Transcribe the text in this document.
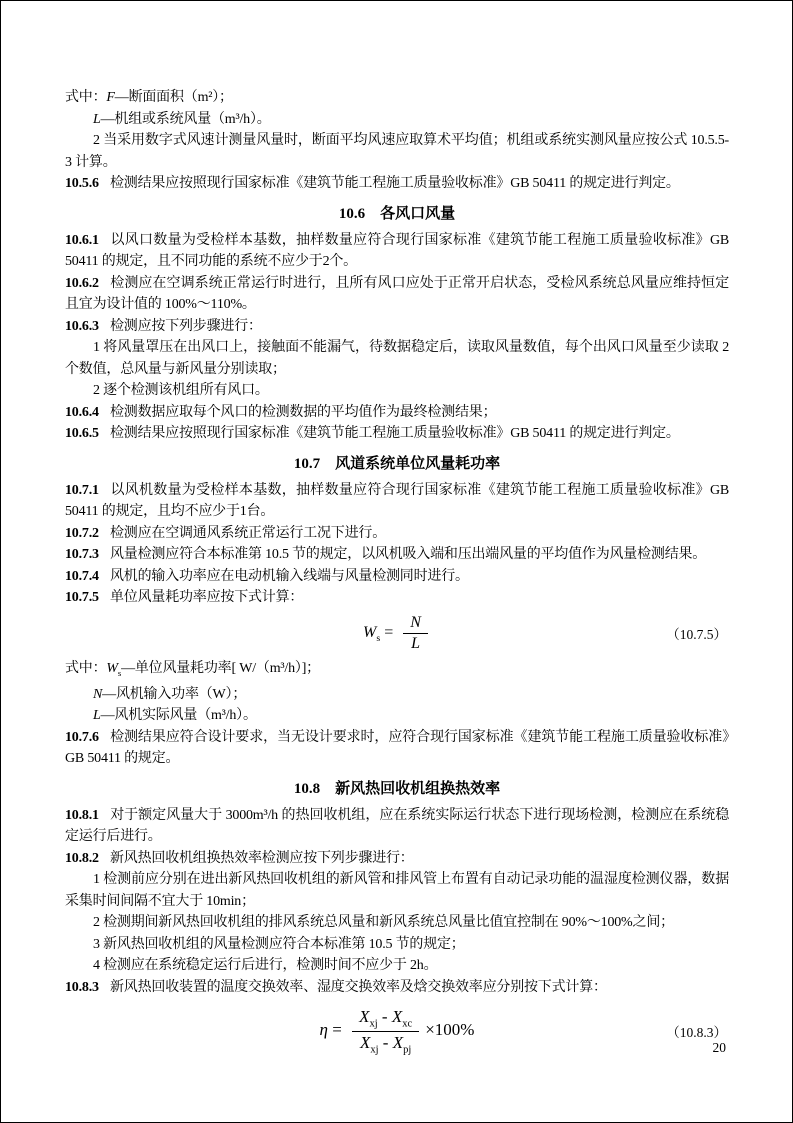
式中：F—断面面积（m²）；

L—机组或系统风量（m³/h）。

2 当采用数字式风速计测量风量时，断面平均风速应取算术平均值；机组或系统实测风量应按公式 10.5.5-3 计算。

10.5.6 检测结果应按照现行国家标准《建筑节能工程施工质量验收标准》GB 50411 的规定进行判定。

10.6　各风口风量

10.6.1 以风口数量为受检样本基数，抽样数量应符合现行国家标准《建筑节能工程施工质量验收标准》GB 50411 的规定，且不同功能的系统不应少于2个。

10.6.2 检测应在空调系统正常运行时进行，且所有风口应处于正常开启状态，受检风系统总风量应维持恒定且宜为设计值的 100%～110%。

10.6.3 检测应按下列步骤进行：

1 将风量罩压在出风口上，接触面不能漏气，待数据稳定后，读取风量数值，每个出风口风量至少读取 2 个数值，总风量与新风量分别读取；

2 逐个检测该机组所有风口。

10.6.4 检测数据应取每个风口的检测数据的平均值作为最终检测结果；

10.6.5 检测结果应按照现行国家标准《建筑节能工程施工质量验收标准》GB 50411 的规定进行判定。

10.7　风道系统单位风量耗功率

10.7.1 以风机数量为受检样本基数，抽样数量应符合现行国家标准《建筑节能工程施工质量验收标准》GB 50411 的规定，且均不应少于1台。

10.7.2 检测应在空调通风系统正常运行工况下进行。

10.7.3 风量检测应符合本标准第 10.5 节的规定，以风机吸入端和压出端风量的平均值作为风量检测结果。

10.7.4 风机的输入功率应在电动机输入线端与风量检测同时进行。

10.7.5 单位风量耗功率应按下式计算：

$W_s = \frac{N}{L}$	（10.7.5）

式中：$W_s—$单位风量耗功率[ W/（m³/h）]；

N—风机输入功率（W）；

L—风机实际风量（m³/h）。

10.7.6 检测结果应符合设计要求，当无设计要求时，应符合现行国家标准《建筑节能工程施工质量验收标准》GB 50411 的规定。

10.8　新风热回收机组换热效率

10.8.1 对于额定风量大于 3000m³/h 的热回收机组，应在系统实际运行状态下进行现场检测，检测应在系统稳定运行后进行。

10.8.2 新风热回收机组换热效率检测应按下列步骤进行：

1 检测前应分别在进出新风热回收机组的新风管和排风管上布置有自动记录功能的温湿度检测仪器，数据采集时间间隔不宜大于 10min；

2 检测期间新风热回收机组的排风系统总风量和新风系统总风量比值宜控制在 90%～100%之间；

3 新风热回收机组的风量检测应符合本标准第 10.5 节的规定；

4 检测应在系统稳定运行后进行，检测时间不应少于 2h。

10.8.3 新风热回收装置的温度交换效率、湿度交换效率及焓交换效率应分别按下式计算：

$\eta = \frac{X_{xj} - X_{xc}}{X_{xj} - X_{pj}} \times 100\%$	（10.8.3）
20
